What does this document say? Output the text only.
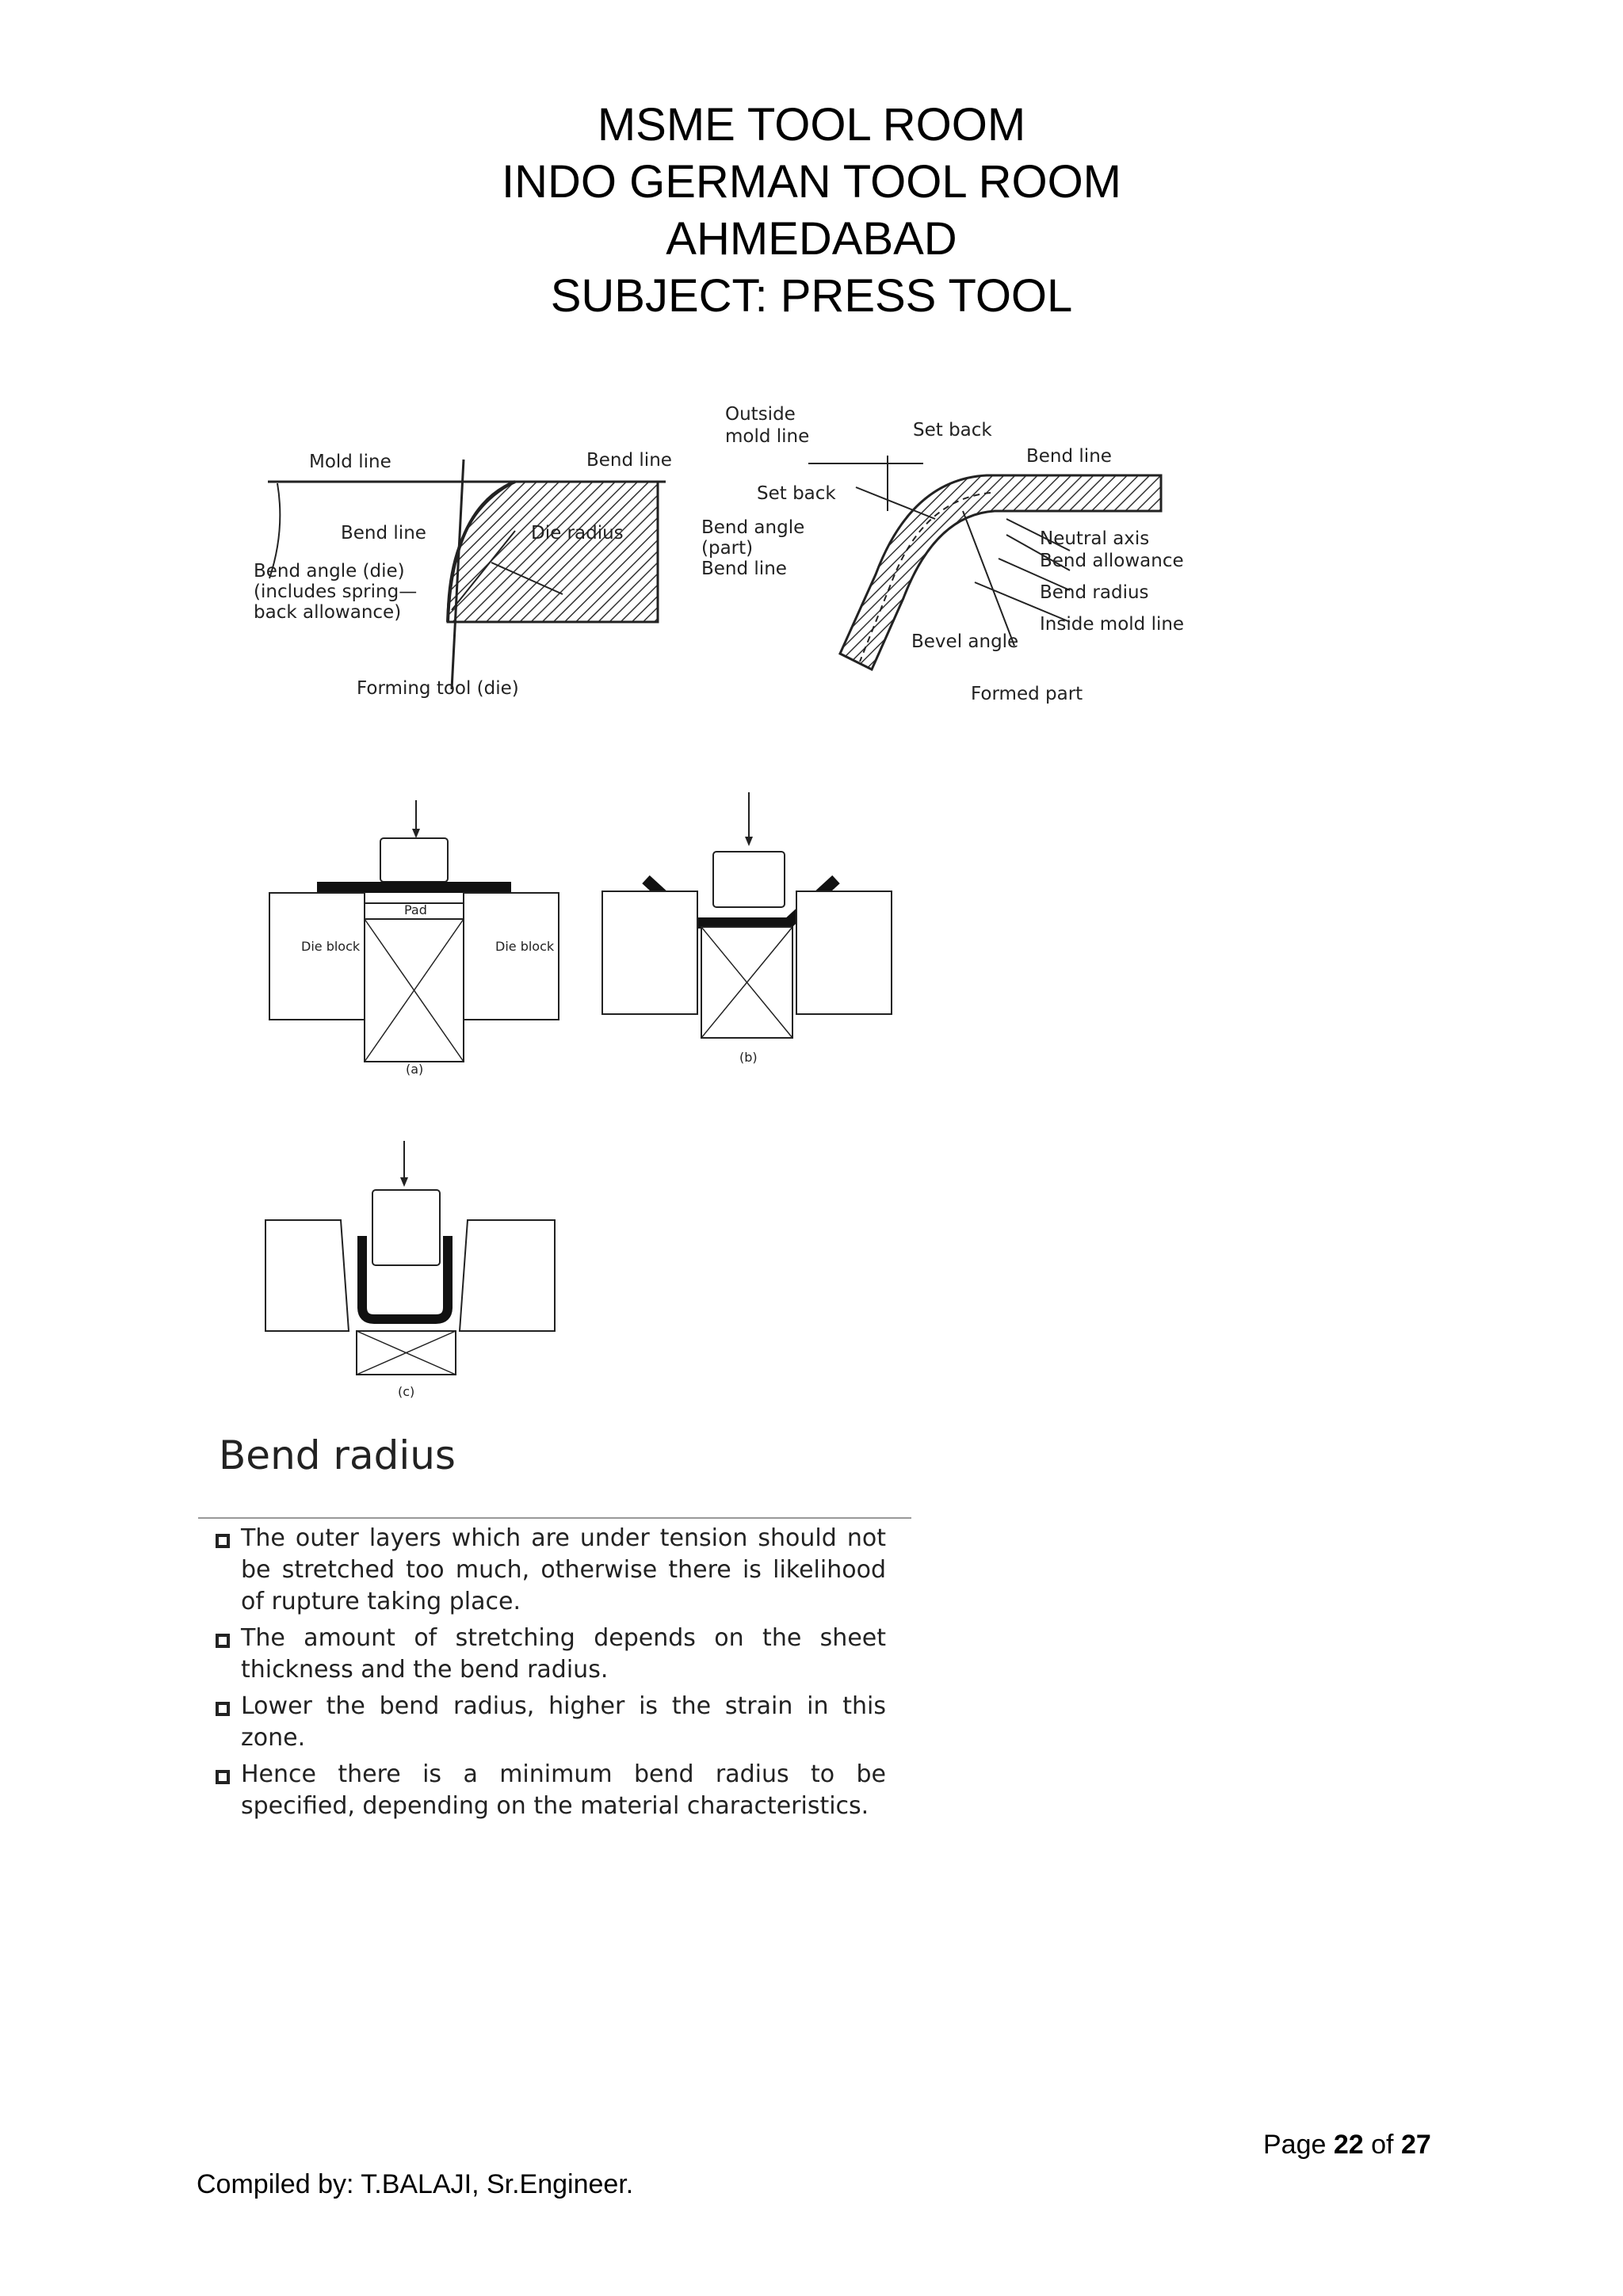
MSME TOOL ROOM
INDO GERMAN TOOL ROOM
AHMEDABAD
SUBJECT: PRESS TOOL
Mold line	Bend line
Bend line	Die radius
Bend angle (die)
(includes spring—
back allowance)
Forming tool (die)
Outside
mold line	Set back
Bend line
Set back
Bend angle
(part)
Bend line
Neutral axis
Bend allowance
Bend radius
Inside mold line
Bevel angle
Formed part
Pad
Die block	Die block
(a)
(b)
(c)
Bend radius
The outer layers which are under tension should not be stretched too much, otherwise there is likelihood of rupture taking place.
The amount of stretching depends on the sheet thickness and the bend radius.
Lower the bend radius, higher is the strain in this zone.
Hence there is a minimum bend radius to be specified, depending on the material characteristics.
Page 22 of 27
Compiled by: T.BALAJI, Sr.Engineer.
